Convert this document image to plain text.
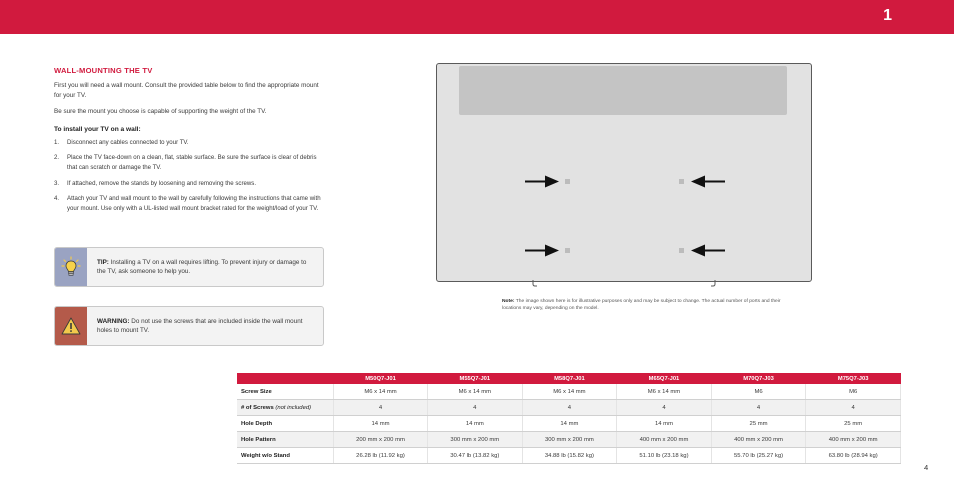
1
WALL-MOUNTING THE TV
First you will need a wall mount. Consult the provided table below to find the appropriate mount for your TV.
Be sure the mount you choose is capable of supporting the weight of the TV.
To install your TV on a wall:
1. Disconnect any cables connected to your TV.
2. Place the TV face-down on a clean, flat, stable surface. Be sure the surface is clear of debris that can scratch or damage the TV.
3. If attached, remove the stands by loosening and removing the screws.
4. Attach your TV and wall mount to the wall by carefully following the instructions that came with your mount. Use only with a UL-listed wall mount bracket rated for the weight/load of your TV.
TIP: Installing a TV on a wall requires lifting. To prevent injury or damage to the TV, ask someone to help you.
WARNING: Do not use the screws that are included inside the wall mount holes to mount TV.
Note: The image shown here is for illustrative purposes only and may be subject to change. The actual number of ports and their locations may vary, depending on the model.
	M50Q7-J01	M55Q7-J01	M58Q7-J01	M65Q7-J01	M70Q7-J03	M75Q7-J03
Screw Size	M6 x 14 mm	M6 x 14 mm	M6 x 14 mm	M6 x 14 mm	M6	M6
# of Screws (not included)	4	4	4	4	4	4
Hole Depth	14 mm	14 mm	14 mm	14 mm	25 mm	25 mm
Hole Pattern	200 mm x 200 mm	300 mm x 200 mm	300 mm x 200 mm	400 mm x 200 mm	400 mm x 200 mm	400 mm x 200 mm
Weight w/o Stand	26.28 lb (11.92 kg)	30.47 lb (13.82 kg)	34.88 lb (15.82 kg)	51.10 lb (23.18 kg)	55.70 lb (25.27 kg)	63.80 lb (28.94 kg)
4
